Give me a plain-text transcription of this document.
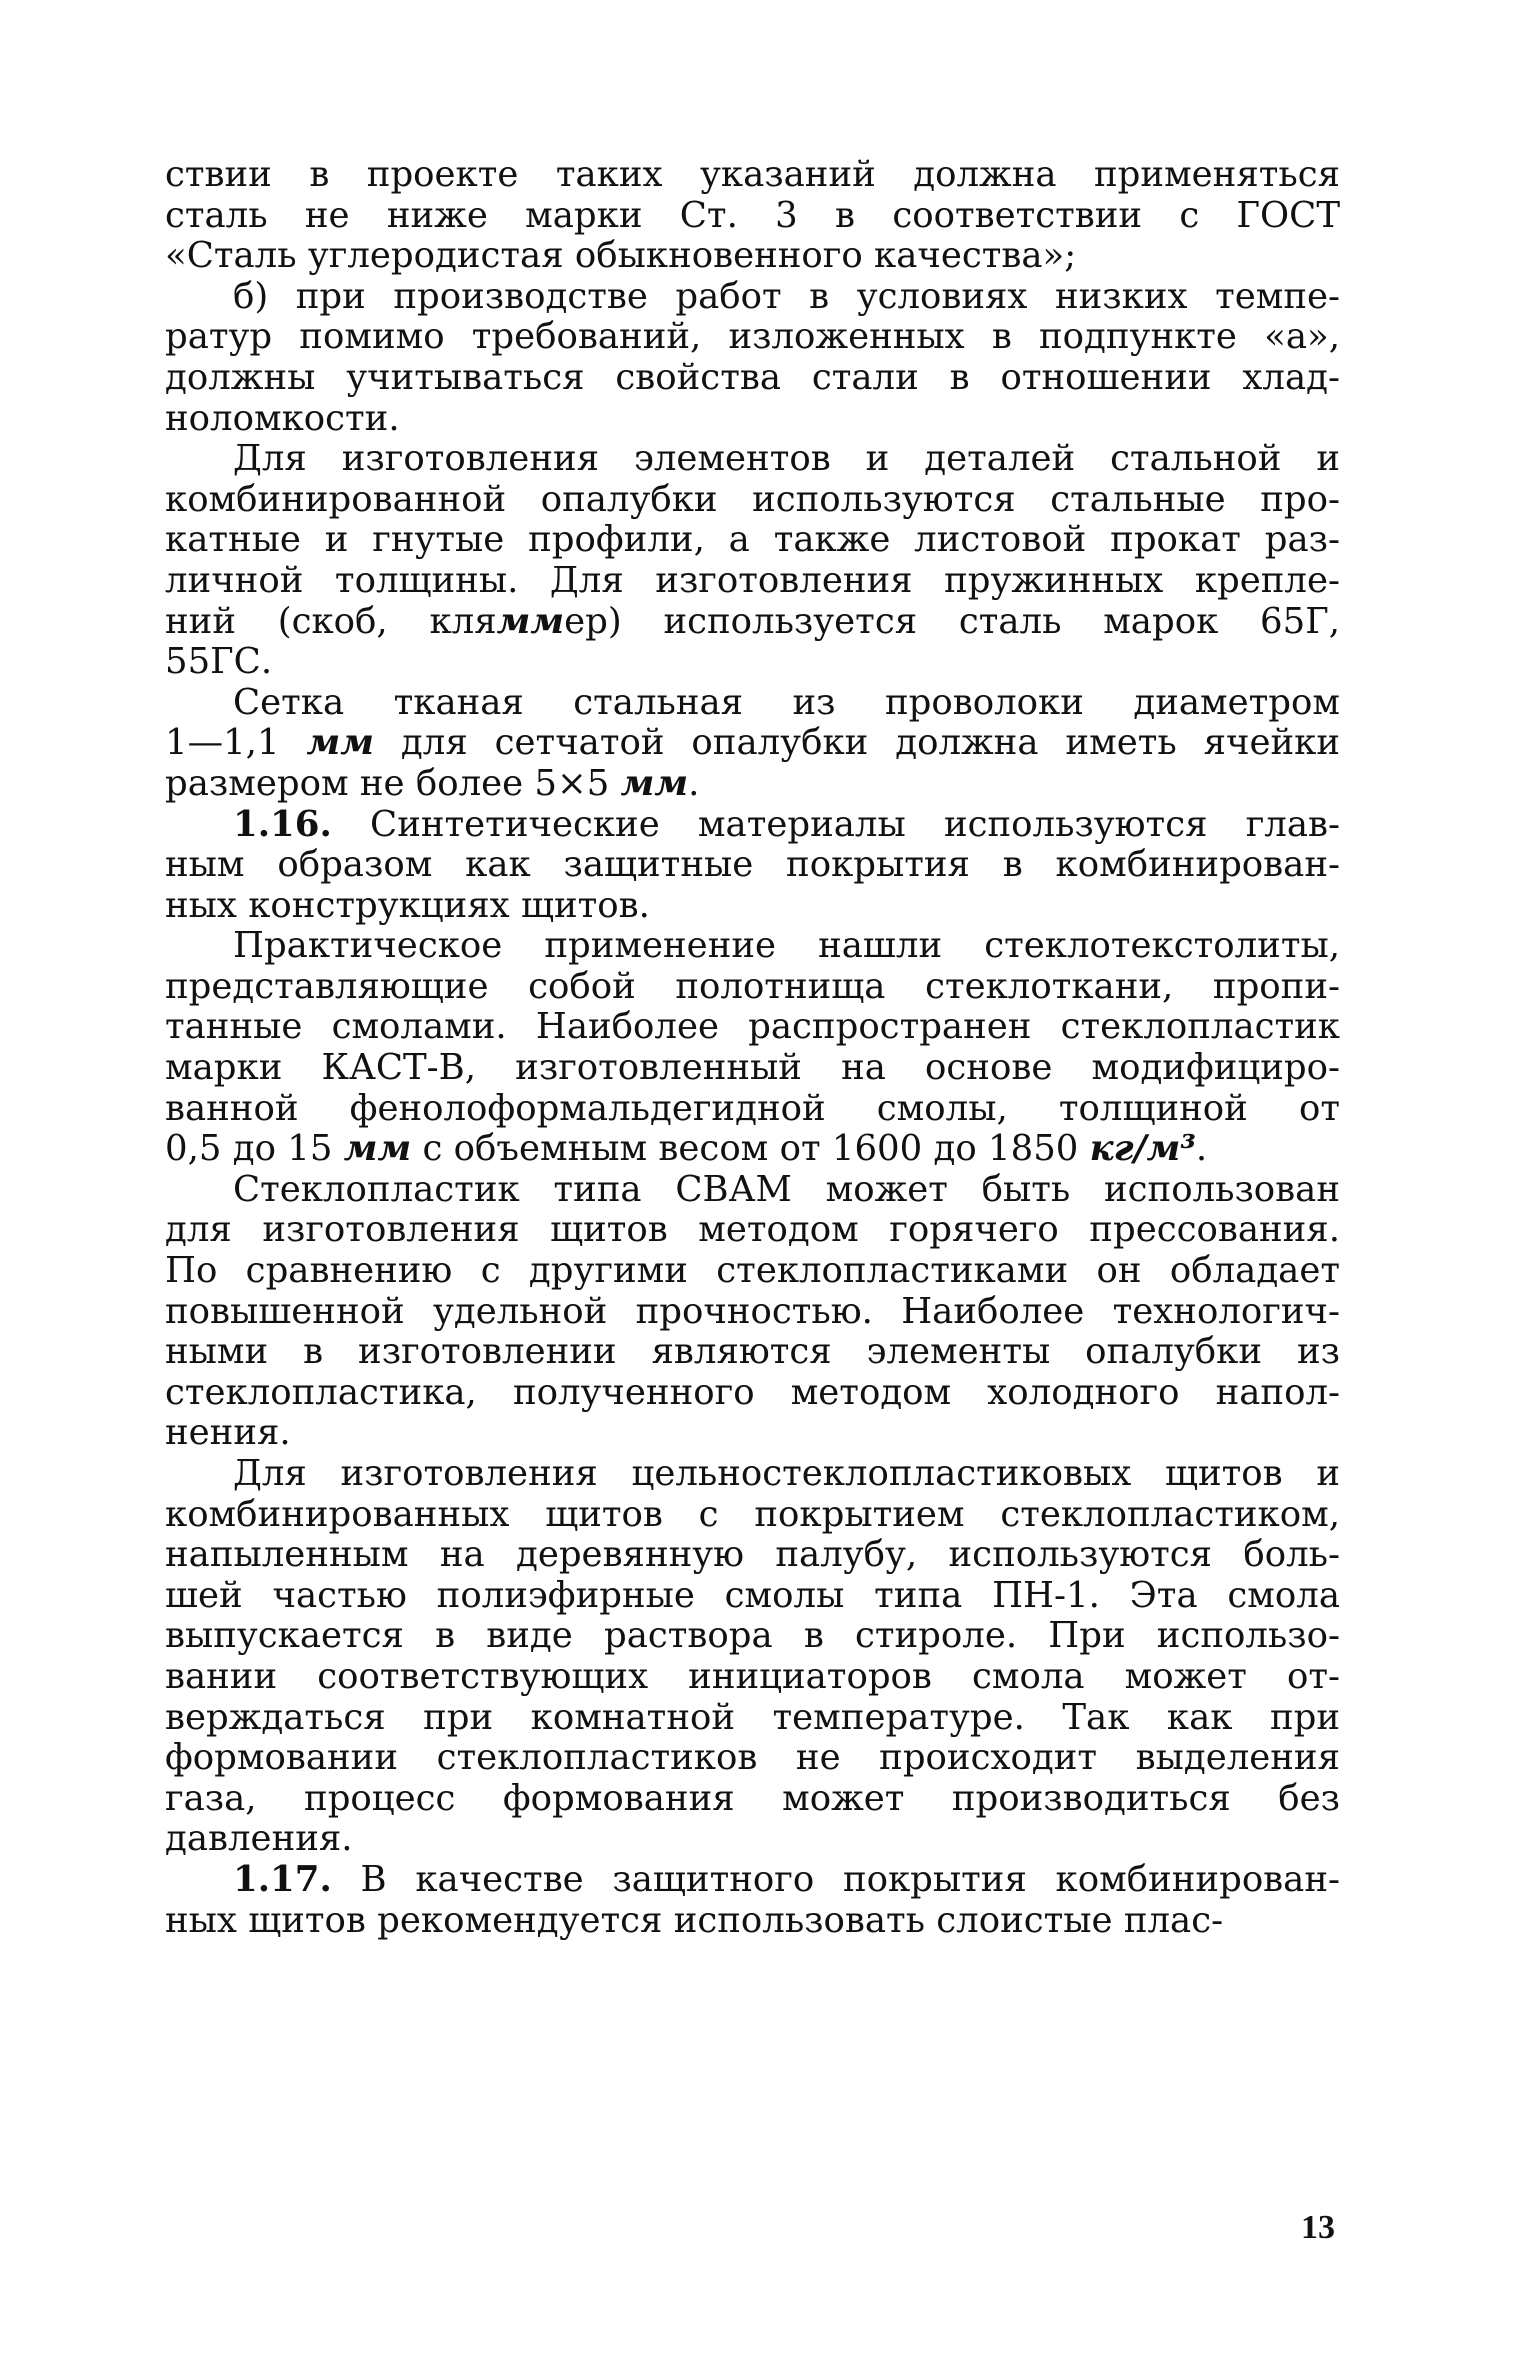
ствии в проекте таких указаний должна применяться
сталь не ниже марки Ст. 3 в соответствии с ГОСТ
«Сталь углеродистая обыкновенного качества»;
б) при производстве работ в условиях низких темпе-
ратур помимо требований, изложенных в подпункте «а»,
должны учитываться свойства стали в отношении хлад-
ноломкости.
Для изготовления элементов и деталей стальной и
комбинированной опалубки используются стальные про-
катные и гнутые профили, а также листовой прокат раз-
личной толщины. Для изготовления пружинных крепле-
ний (скоб, кляммер) используется сталь марок 65Г,
55ГС.
Сетка тканая стальная из проволоки диаметром
1—1,1 мм для сетчатой опалубки должна иметь ячейки
размером не более 5×5 мм.
1.16. Синтетические материалы используются глав-
ным образом как защитные покрытия в комбинирован-
ных конструкциях щитов.
Практическое применение нашли стеклотекстолиты,
представляющие собой полотнища стеклоткани, пропи-
танные смолами. Наиболее распространен стеклопластик
марки КАСТ-В, изготовленный на основе модифициро-
ванной фенолоформальдегидной смолы, толщиной от
0,5 до 15 мм с объемным весом от 1600 до 1850 кг/м³.
Стеклопластик типа СВАМ может быть использован
для изготовления щитов методом горячего прессования.
По сравнению с другими стеклопластиками он обладает
повышенной удельной прочностью. Наиболее технологич-
ными в изготовлении являются элементы опалубки из
стеклопластика, полученного методом холодного напол-
нения.
Для изготовления цельностеклопластиковых щитов и
комбинированных щитов с покрытием стеклопластиком,
напыленным на деревянную палубу, используются боль-
шей частью полиэфирные смолы типа ПН-1. Эта смола
выпускается в виде раствора в стироле. При использо-
вании соответствующих инициаторов смола может от-
верждаться при комнатной температуре. Так как при
формовании стеклопластиков не происходит выделения
газа, процесс формования может производиться без
давления.
1.17. В качестве защитного покрытия комбинирован-
ных щитов рекомендуется использовать слоистые плас-
13
